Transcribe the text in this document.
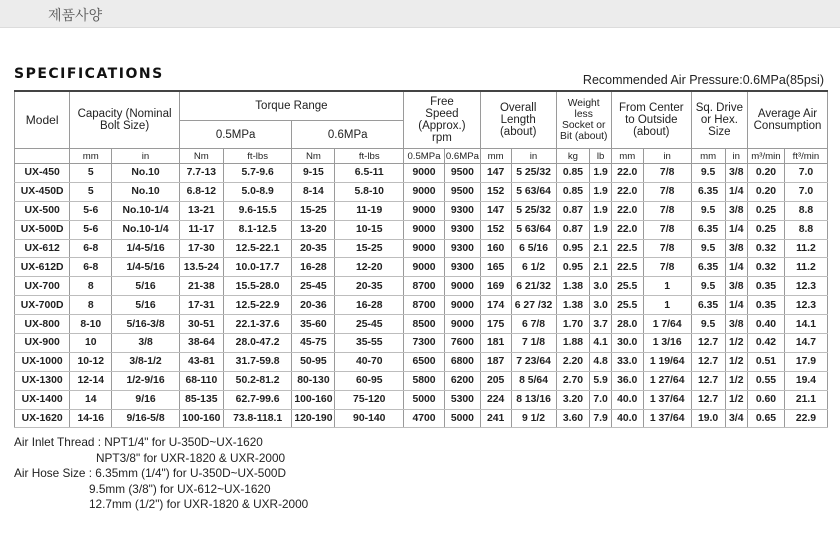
제품사양
SPECIFICATIONS	Recommended Air Pressure:0.6MPa(85psi)
Model	Capacity (Nominal Bolt Size)		Torque Range				Free Speed (Approx.) rpm		Overall Length (about)		Weight less Socket or Bit (about)		From Center to Outside (about)		Sq. Drive or Hex. Size		Average Air Consumption	
			0.5MPa		0.6MPa													
	mm	in	Nm	ft-lbs	Nm	ft-lbs	0.5MPa	0.6MPa	mm	in	kg	lb	mm	in	mm	in	m³/min	ft³/min
UX-450	5	No.10	7.7-13	5.7-9.6	9-15	6.5-11	9000	9500	147	5 25/32	0.85	1.9	22.0	7/8	9.5	3/8	0.20	7.0
UX-450D	5	No.10	6.8-12	5.0-8.9	8-14	5.8-10	9000	9500	152	5 63/64	0.85	1.9	22.0	7/8	6.35	1/4	0.20	7.0
UX-500	5-6	No.10-1/4	13-21	9.6-15.5	15-25	11-19	9000	9300	147	5 25/32	0.87	1.9	22.0	7/8	9.5	3/8	0.25	8.8
UX-500D	5-6	No.10-1/4	11-17	8.1-12.5	13-20	10-15	9000	9300	152	5 63/64	0.87	1.9	22.0	7/8	6.35	1/4	0.25	8.8
UX-612	6-8	1/4-5/16	17-30	12.5-22.1	20-35	15-25	9000	9300	160	6 5/16	0.95	2.1	22.5	7/8	9.5	3/8	0.32	11.2
UX-612D	6-8	1/4-5/16	13.5-24	10.0-17.7	16-28	12-20	9000	9300	165	6 1/2	0.95	2.1	22.5	7/8	6.35	1/4	0.32	11.2
UX-700	8	5/16	21-38	15.5-28.0	25-45	20-35	8700	9000	169	6 21/32	1.38	3.0	25.5	1	9.5	3/8	0.35	12.3
UX-700D	8	5/16	17-31	12.5-22.9	20-36	16-28	8700	9000	174	6 27 /32	1.38	3.0	25.5	1	6.35	1/4	0.35	12.3
UX-800	8-10	5/16-3/8	30-51	22.1-37.6	35-60	25-45	8500	9000	175	6 7/8	1.70	3.7	28.0	1 7/64	9.5	3/8	0.40	14.1
UX-900	10	3/8	38-64	28.0-47.2	45-75	35-55	7300	7600	181	7 1/8	1.88	4.1	30.0	1 3/16	12.7	1/2	0.42	14.7
UX-1000	10-12	3/8-1/2	43-81	31.7-59.8	50-95	40-70	6500	6800	187	7 23/64	2.20	4.8	33.0	1 19/64	12.7	1/2	0.51	17.9
UX-1300	12-14	1/2-9/16	68-110	50.2-81.2	80-130	60-95	5800	6200	205	8 5/64	2.70	5.9	36.0	1 27/64	12.7	1/2	0.55	19.4
UX-1400	14	9/16	85-135	62.7-99.6	100-160	75-120	5000	5300	224	8 13/16	3.20	7.0	40.0	1 37/64	12.7	1/2	0.60	21.1
UX-1620	14-16	9/16-5/8	100-160	73.8-118.1	120-190	90-140	4700	5000	241	9 1/2	3.60	7.9	40.0	1 37/64	19.0	3/4	0.65	22.9
Air Inlet Thread : NPT1/4" for U-350D~UX-1620
NPT3/8" for UXR-1820 & UXR-2000
Air Hose Size : 6.35mm (1/4") for U-350D~UX-500D
9.5mm (3/8") for UX-612~UX-1620
12.7mm (1/2") for UXR-1820 & UXR-2000
